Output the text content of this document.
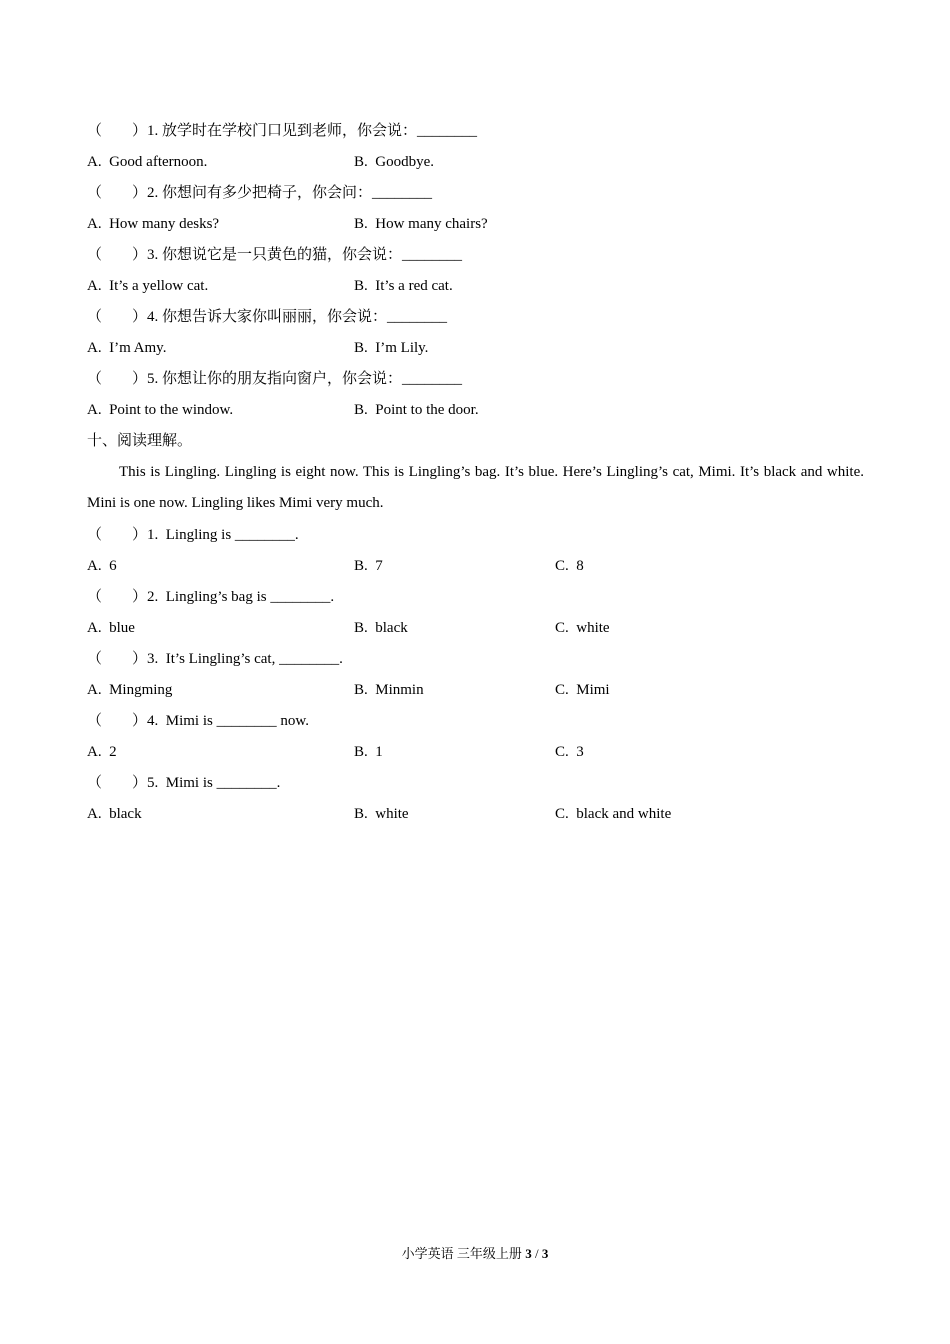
（　　）1. 放学时在学校门口见到老师，你会说：________
A.  Good afternoon.	B.  Goodbye.
（　　）2. 你想问有多少把椅子，你会问：________
A.  How many desks?	B.  How many chairs?
（　　）3. 你想说它是一只黄色的猫，你会说：________
A.  It’s a yellow cat.	B.  It’s a red cat.
（　　）4. 你想告诉大家你叫丽丽，你会说：________
A.  I’m Amy.	B.  I’m Lily.
（　　）5. 你想让你的朋友指向窗户，你会说：________
A.  Point to the window.	B.  Point to the door.
十、阅读理解。

This is Lingling. Lingling is eight now. This is Lingling’s bag. It’s blue. Here’s Lingling’s cat, Mimi. It’s black and white. Mini is one now. Lingling likes Mimi very much.

（　　）1.  Lingling is ________.
A.  6	B.  7	C.  8
（　　）2.  Lingling’s bag is ________.
A.  blue	B.  black	C.  white
（　　）3.  It’s Lingling’s cat, ________.
A.  Mingming	B.  Minmin	C.  Mimi
（　　）4.  Mimi is ________ now.
A.  2	B.  1	C.  3
（　　）5.  Mimi is ________.
A.  black	B.  white	C.  black and white
小学英语 三年级上册 3 / 3
